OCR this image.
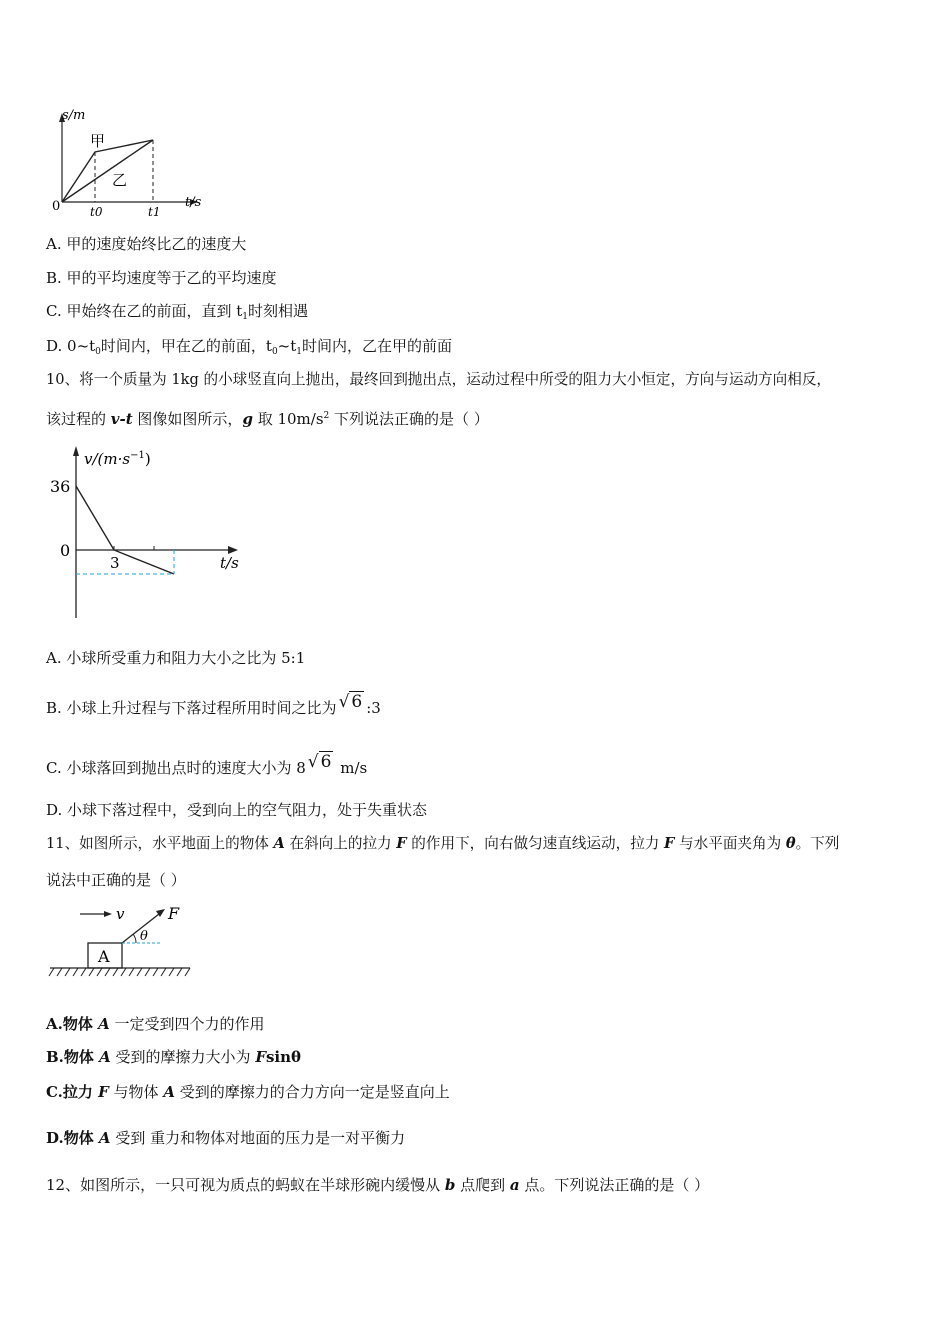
s/m
t/s
0 t0	t1
甲
乙
A. 甲的速度始终比乙的速度大
B. 甲的平均速度等于乙的平均速度
C. 甲始终在乙的前面，直到 $t_1$时刻相遇
D. $0\sim t_0$时间内，甲在乙的前面，$t_0\sim t_1$时间内，乙在甲的前面
10、将一个质量为 1kg 的小球竖直向上抛出，最终回到抛出点，运动过程中所受的阻力大小恒定，方向与运动方向相反，
该过程的 v-t 图像如图所示，g 取 $10m/s^2$ 下列说法正确的是（ ）
$v/(m\cdot s^{-1})$
36
0
3	t/s
A. 小球所受重力和阻力大小之比为 5:1
B. 小球上升过程与下落过程所用时间之比为 √ 6 :3
C. 小球落回到抛出点时的速度大小为 8 √ 6 m/s
D. 小球下落过程中，受到向上的空气阻力，处于失重状态
11、如图所示，水平地面上的物体 A 在斜向上的拉力 F 的作用下，向右做匀速直线运动，拉力 F 与水平面夹角为 θ。下列
说法中正确的是（ ）
v
A
F
θ
A.物体 A 一定受到四个力的作用
B.物体 A 受到的摩擦力大小为 Fsinθ
C.拉力 F 与物体 A 受到的摩擦力的合力方向一定是竖直向上
D.物体 A 受到 重力和物体对地面的压力是一对平衡力
12、如图所示，一只可视为质点的蚂蚁在半球形碗内缓慢从 b 点爬到 a 点。下列说法正确的是（ ）
